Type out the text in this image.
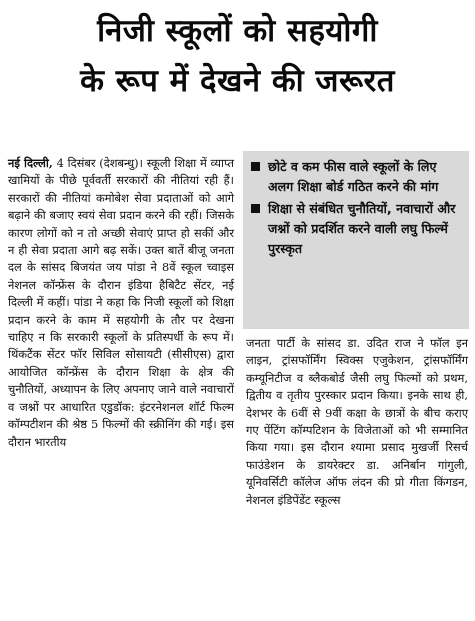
निजी स्कूलों को सहयोगी
के रूप में देखने की जरूरत

नई दिल्ली, 4 दिसंबर (देशबन्धु)। स्कूली शिक्षा में व्याप्त खामियों के पीछे पूर्ववर्ती सरकारों की नीतियां रही हैं। सरकारों की नीतियां कमोबेश सेवा प्रदाताओं को आगे बढ़ाने की बजाए स्वयं सेवा प्रदान करने की रहीं। जिसके कारण लोगों को न तो अच्छी सेवाएं प्राप्त हो सकीं और न ही सेवा प्रदाता आगे बढ़ सकें। उक्त बातें बीजू जनता दल के सांसद बिजयंत जय पांडा ने 8वें स्कूल च्वाइस नेशनल कॉन्फ्रेंस के दौरान इंडिया हैबिटैट सेंटर, नई दिल्ली में कहीं। पांडा ने कहा कि निजी स्कूलों को शिक्षा प्रदान करने के काम में सहयोगी के तौर पर देखना चाहिए न कि सरकारी स्कूलों के प्रतिस्पर्धी के रूप में। थिंकटैंक सेंटर फॉर सिविल सोसायटी (सीसीएस) द्वारा आयोजित कॉन्फ्रेंस के दौरान शिक्षा के क्षेत्र की चुनौतियों, अध्यापन के लिए अपनाए जाने वाले नवाचारों व जश्नों पर आधारित एडुडॉक: इंटरनेशनल शॉर्ट फिल्म कॉम्पटीशन की श्रेष्ठ 5 फिल्मों की स्क्रीनिंग की गई। इस दौरान भारतीय

छोटे व कम फीस वाले स्कूलों के लिए अलग शिक्षा बोर्ड गठित करने की मांग
शिक्षा से संबंधित चुनौतियों, नवाचारों और जश्नों को प्रदर्शित करने वाली लघु फिल्में पुरस्कृत

जनता पार्टी के सांसद डा. उदित राज ने फॉल इन लाइन, ट्रांसफॉर्मिंग स्विक्स एजुकेशन, ट्रांसफॉर्मिंग कम्यूनिटीज व ब्लैकबोर्ड जैसी लघु फिल्मों को प्रथम, द्वितीय व तृतीय पुरस्कार प्रदान किया। इनके साथ ही, देशभर के 6वीं से 9वीं कक्षा के छात्रों के बीच कराए गए पेंटिंग कॉम्पटिशन के विजेताओं को भी सम्मानित किया गया। इस दौरान श्यामा प्रसाद मुखर्जी रिसर्च फाउंडेशन के डायरेक्टर डा. अनिर्बान गांगुली, यूनिवर्सिटी कॉलेज ऑफ लंदन की प्रो गीता किंगडन, नेशनल इंडिपेंडेंट स्कूल्स
